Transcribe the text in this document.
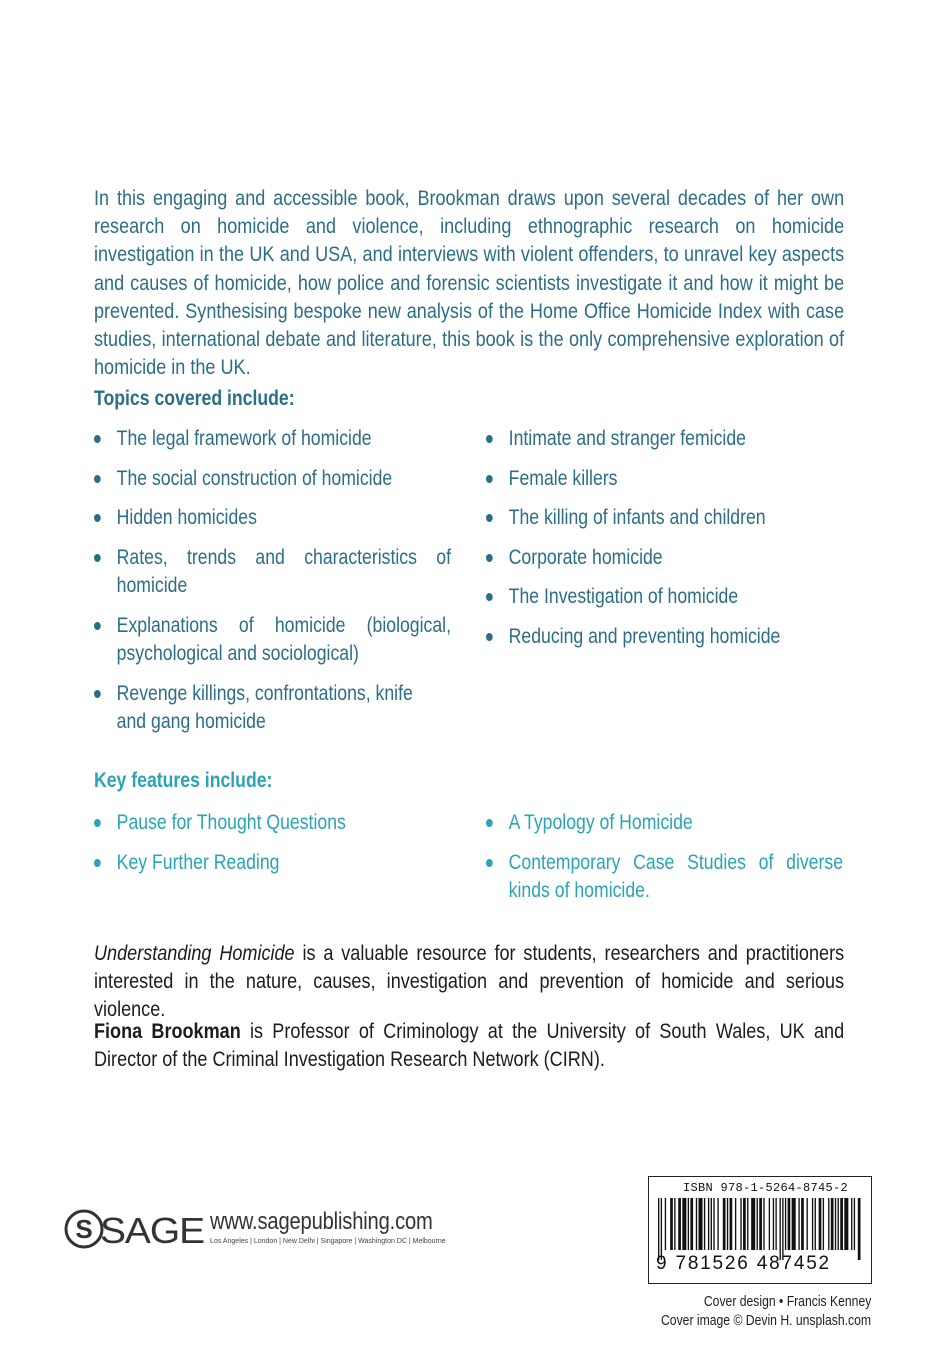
In this engaging and accessible book, Brookman draws upon several decades of her own research on homicide and violence, including ethnographic research on homicide investigation in the UK and USA, and interviews with violent offenders, to unravel key aspects and causes of homicide, how police and forensic scientists investigate it and how it might be prevented. Synthesising bespoke new analysis of the Home Office Homicide Index with case studies, international debate and literature, this book is the only comprehensive exploration of homicide in the UK.

Topics covered include:
The legal framework of homicide
The social construction of homicide
Hidden homicides
Rates, trends and characteristics of homicide
Explanations of homicide (biological, psychological and sociological)
Revenge killings, confrontations, knife and gang homicide
Intimate and stranger femicide
Female killers
The killing of infants and children
Corporate homicide
The Investigation of homicide
Reducing and preventing homicide
Key features include:
Pause for Thought Questions
Key Further Reading
A Typology of Homicide
Contemporary Case Studies of diverse kinds of homicide.

Understanding Homicide is a valuable resource for students, researchers and practitioners interested in the nature, causes, investigation and prevention of homicide and serious violence.

Fiona Brookman is Professor of Criminology at the University of South Wales, UK and Director of the Criminal Investigation Research Network (CIRN).

S SAGE www.sagepublishing.com
Los Angeles | London | New Delhi | Singapore | Washington DC | Melbourne
ISBN 978-1-5264-8745-2
9 781526 487452
Cover design • Francis Kenney
Cover image © Devin H. unsplash.com
